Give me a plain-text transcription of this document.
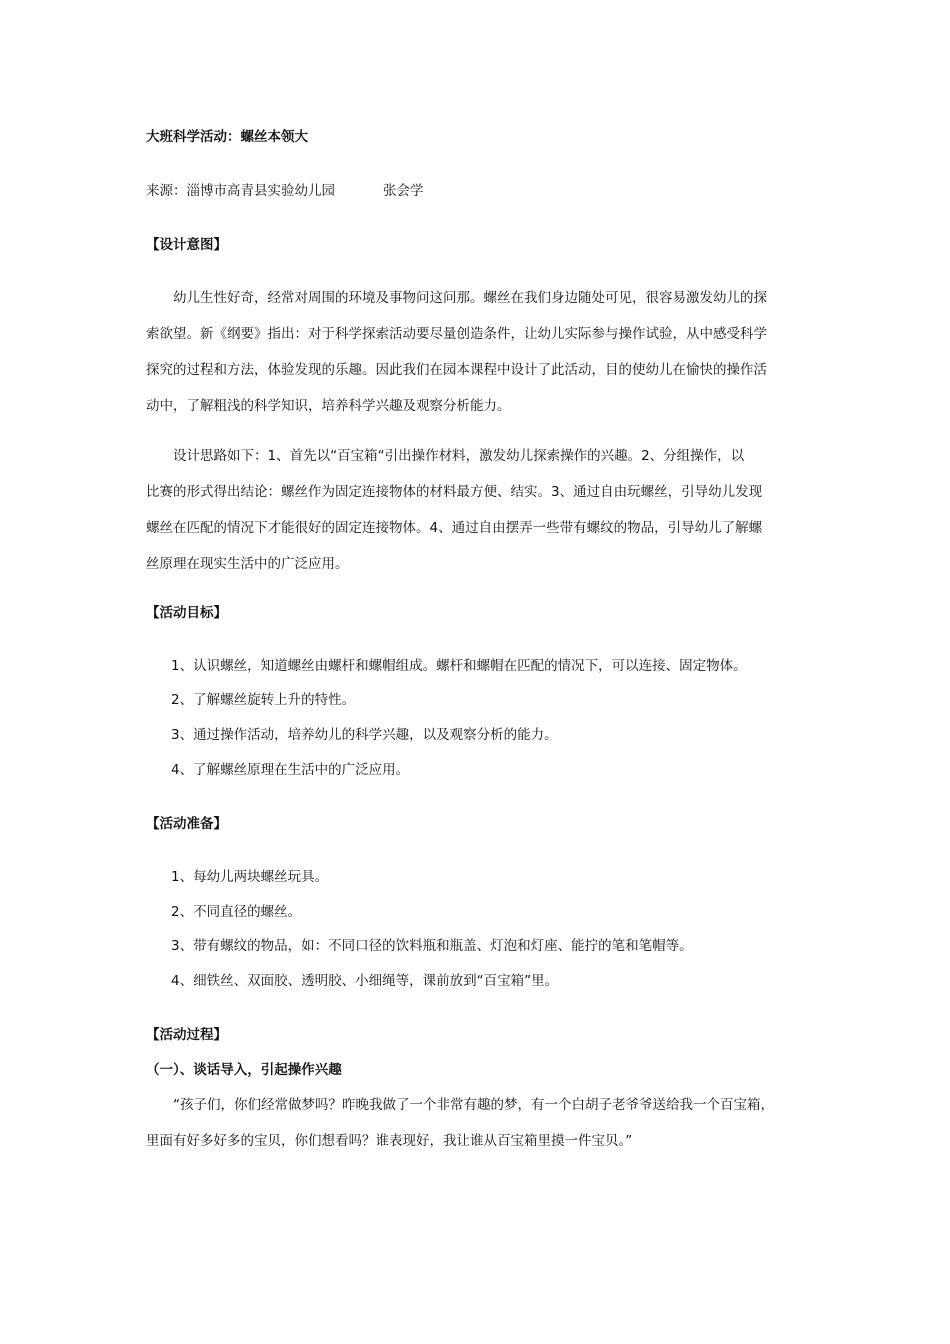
大班科学活动：螺丝本领大
来源：淄博市高青县实验幼儿园	张会学
【设计意图】
幼儿生性好奇，经常对周围的环境及事物问这问那。螺丝在我们身边随处可见，很容易激发幼儿的探
索欲望。新《纲要》指出：对于科学探索活动要尽量创造条件，让幼儿实际参与操作试验，从中感受科学
探究的过程和方法，体验发现的乐趣。因此我们在园本课程中设计了此活动，目的使幼儿在愉快的操作活
动中，了解粗浅的科学知识，培养科学兴趣及观察分析能力。
设计思路如下：1、首先以“百宝箱“引出操作材料，激发幼儿探索操作的兴趣。2、分组操作，以
比赛的形式得出结论：螺丝作为固定连接物体的材料最方便、结实。3、通过自由玩螺丝，引导幼儿发现
螺丝在匹配的情况下才能很好的固定连接物体。4、通过自由摆弄一些带有螺纹的物品，引导幼儿了解螺
丝原理在现实生活中的广泛应用。
【活动目标】
1、认识螺丝，知道螺丝由螺杆和螺帽组成。螺杆和螺帽在匹配的情况下，可以连接、固定物体。
2、了解螺丝旋转上升的特性。
3、通过操作活动，培养幼儿的科学兴趣，以及观察分析的能力。
4、了解螺丝原理在生活中的广泛应用。
【活动准备】
1、每幼儿两块螺丝玩具。
2、不同直径的螺丝。
3、带有螺纹的物品，如：不同口径的饮料瓶和瓶盖、灯泡和灯座、能拧的笔和笔帽等。
4、细铁丝、双面胶、透明胶、小细绳等，课前放到“百宝箱”里。
【活动过程】
（一）、谈话导入，引起操作兴趣
“孩子们，你们经常做梦吗？昨晚我做了一个非常有趣的梦，有一个白胡子老爷爷送给我一个百宝箱，
里面有好多好多的宝贝，你们想看吗？谁表现好，我让谁从百宝箱里摸一件宝贝。”
